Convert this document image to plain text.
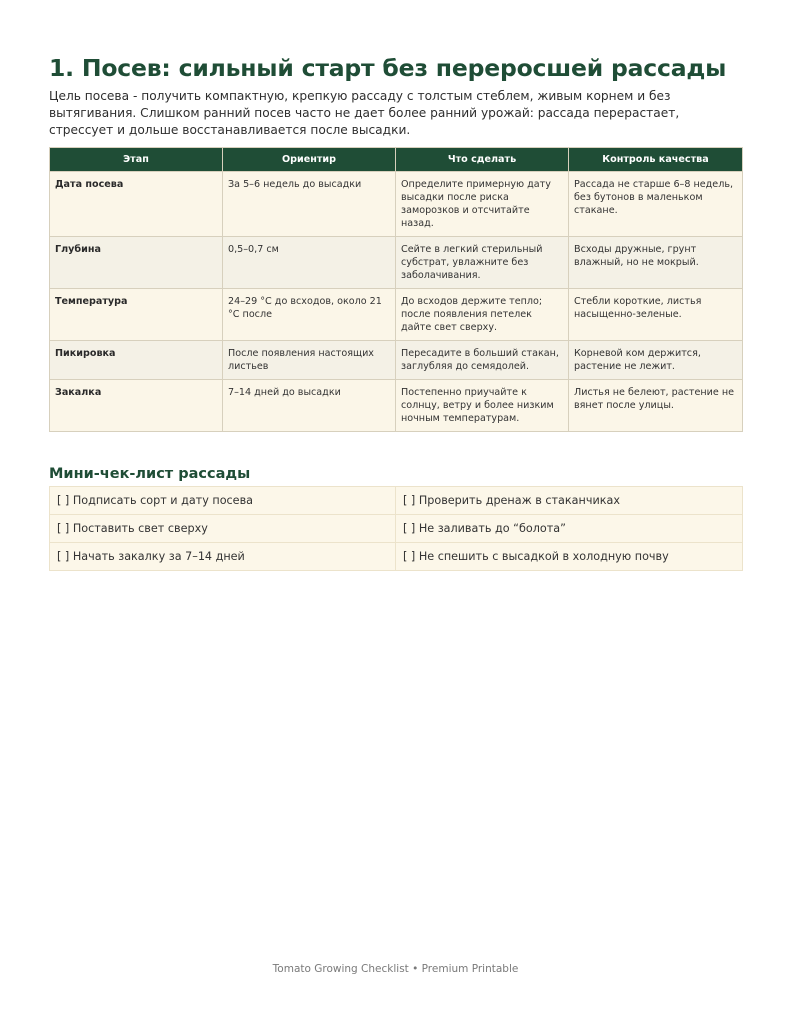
1. Посев: сильный старт без переросшей рассады

Цель посева - получить компактную, крепкую рассаду с толстым стеблем, живым корнем и без вытягивания. Слишком ранний посев часто не дает более ранний урожай: рассада перерастает, стрессует и дольше восстанавливается после высадки.

Этап	Ориентир	Что сделать	Контроль качества
Дата посева	За 5–6 недель до высадки	Определите примерную дату высадки после риска заморозков и отсчитайте назад.	Рассада не старше 6–8 недель, без бутонов в маленьком стакане.
Глубина	0,5–0,7 см	Сейте в легкий стерильный субстрат, увлажните без заболачивания.	Всходы дружные, грунт влажный, но не мокрый.
Температура	24–29 °C до всходов, около 21 °C после	До всходов держите тепло; после появления петелек дайте свет сверху.	Стебли короткие, листья насыщенно-зеленые.
Пикировка	После появления настоящих листьев	Пересадите в больший стакан, заглубляя до семядолей.	Корневой ком держится, растение не лежит.
Закалка	7–14 дней до высадки	Постепенно приучайте к солнцу, ветру и более низким ночным температурам.	Листья не белеют, растение не вянет после улицы.
Мини-чек-лист рассады
[ ] Подписать сорт и дату посева	[ ] Проверить дренаж в стаканчиках
[ ] Поставить свет сверху	[ ] Не заливать до “болота”
[ ] Начать закалку за 7–14 дней	[ ] Не спешить с высадкой в холодную почву
Tomato Growing Checklist • Premium Printable
